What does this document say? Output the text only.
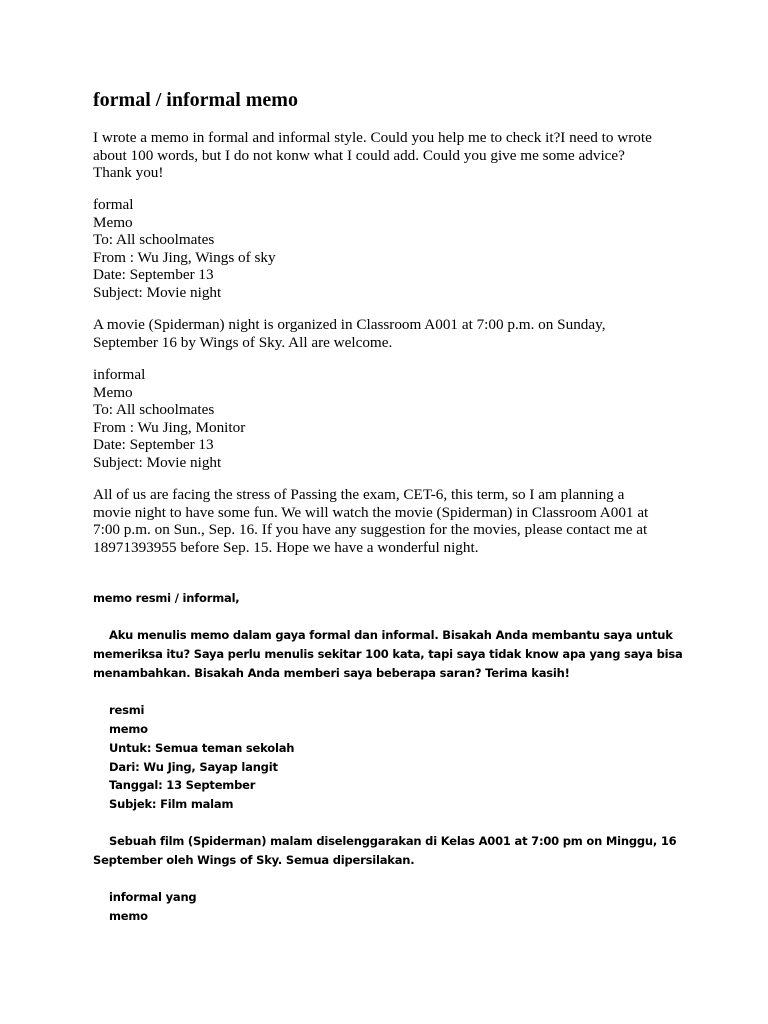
formal / informal memo
I wrote a memo in formal and informal style. Could you help me to check it?I need to wrote
about 100 words, but I do not konw what I could add. Could you give me some advice?
Thank you!
formal
Memo
To: All schoolmates
From : Wu Jing, Wings of sky
Date: September 13
Subject: Movie night
A movie (Spiderman) night is organized in Classroom A001 at 7:00 p.m. on Sunday,
September 16 by Wings of Sky. All are welcome.
informal
Memo
To: All schoolmates
From : Wu Jing, Monitor
Date: September 13
Subject: Movie night
All of us are facing the stress of Passing the exam, CET-6, this term, so I am planning a
movie night to have some fun. We will watch the movie (Spiderman) in Classroom A001 at
7:00 p.m. on Sun., Sep. 16. If you have any suggestion for the movies, please contact me at
18971393955 before Sep. 15. Hope we have a wonderful night.
memo resmi / informal,
Aku menulis memo dalam gaya formal dan informal. Bisakah Anda membantu saya untuk
memeriksa itu? Saya perlu menulis sekitar 100 kata, tapi saya tidak know apa yang saya bisa
menambahkan. Bisakah Anda memberi saya beberapa saran? Terima kasih!
resmi
memo
Untuk: Semua teman sekolah
Dari: Wu Jing, Sayap langit
Tanggal: 13 September
Subjek: Film malam
Sebuah film (Spiderman) malam diselenggarakan di Kelas A001 at 7:00 pm on Minggu, 16
September oleh Wings of Sky. Semua dipersilakan.
informal yang
memo
